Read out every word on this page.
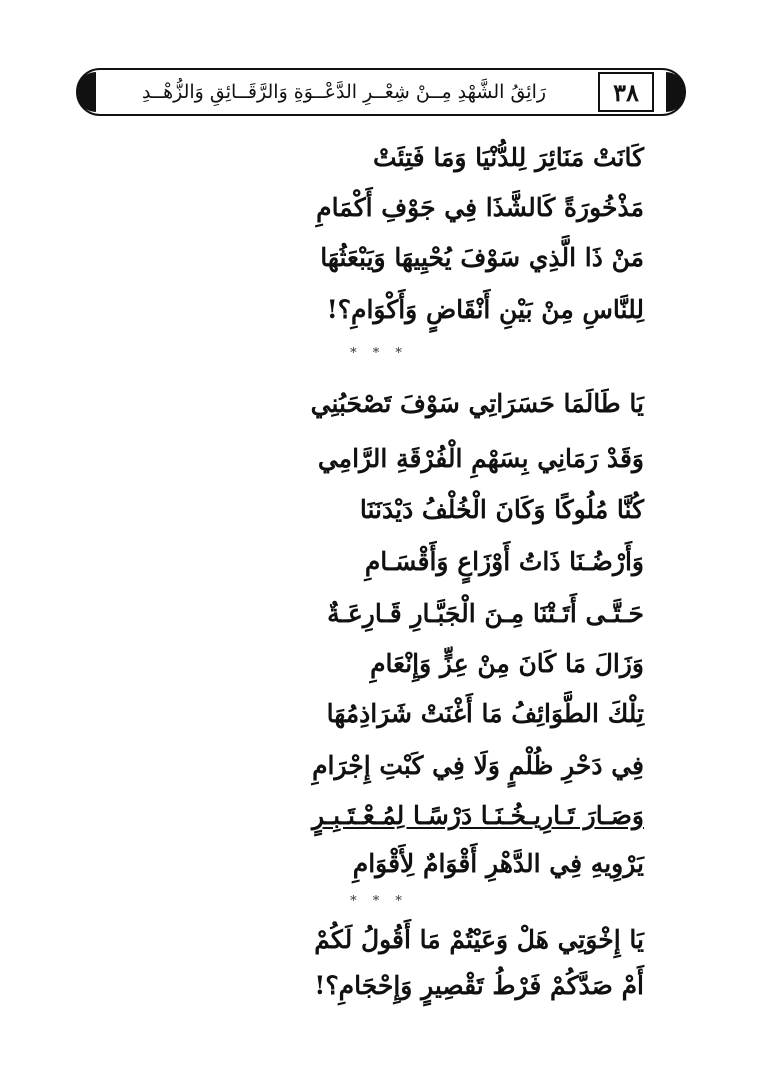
٣٨
رَائِقُ الشَّهْدِ مِــنْ شِعْــرِ الدَّعْــوَةِ وَالرَّقَــائِقِ وَالزُّهْــدِ
كَانَتْ مَنَائِرَ لِلدُّنْيَا وَمَا فَتِئَتْ
مَذْخُورَةً كَالشَّذَا فِي جَوْفِ أَكْمَامِ
مَنْ ذَا الَّذِي سَوْفَ يُحْيِيهَا وَيَبْعَثُهَا
لِلنَّاسِ مِنْ بَيْنِ أَنْقَاضٍ وَأَكْوَامِ؟!
* * *
يَا طَالَمَا حَسَرَاتِي سَوْفَ تَصْحَبُنِي
وَقَدْ رَمَانِي بِسَهْمِ الْفُرْقَةِ الرَّامِي
كُنَّا مُلُوكًا وَكَانَ الْخُلْفُ دَيْدَنَنَا
وَأَرْضُـنَا ذَاتُ أَوْزَاعٍ وَأَقْسَـامِ
حَـتَّـى أَتَـتْنَا مِـنَ الْجَبَّـارِ قَـارِعَـةٌ
وَزَالَ مَا كَانَ مِنْ عِزٍّ وَإِنْعَامِ
تِلْكَ الطَّوَائِفُ مَا أَغْنَتْ شَرَاذِمُهَا
فِي دَحْرِ ظُلْمٍ وَلَا فِي كَبْتِ إِجْرَامِ
وَصَـارَ تَـارِيـخُـنَـا دَرْسًـا لِمُـعْـتَـبِـرٍ
يَرْوِيهِ فِي الدَّهْرِ أَقْوَامٌ لِأَقْوَامِ
* * *
يَا إِخْوَتِي هَلْ وَعَيْتُمْ مَا أَقُولُ لَكُمْ
أَمْ صَدَّكُمْ فَرْطُ تَقْصِيرٍ وَإِحْجَامِ؟!
